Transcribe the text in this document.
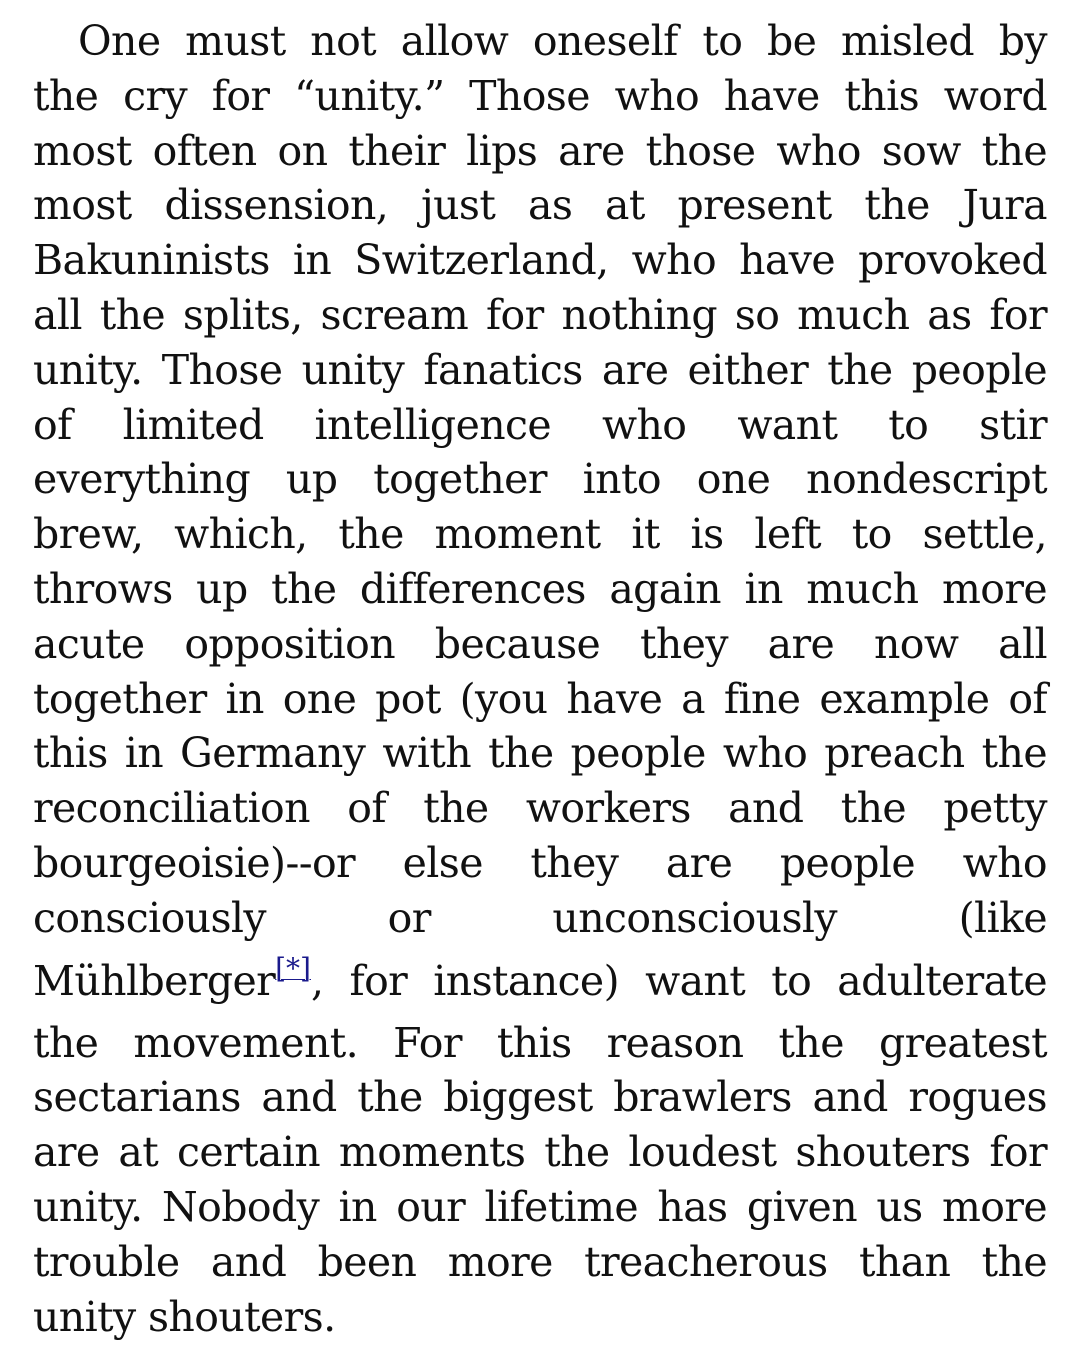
One must not allow oneself to be misled by
the cry for “unity.” Those who have this word
most often on their lips are those who sow the
most dissension, just as at present the Jura
Bakuninists in Switzerland, who have provoked
all the splits, scream for nothing so much as for
unity. Those unity fanatics are either the people
of limited intelligence who want to stir
everything up together into one nondescript
brew, which, the moment it is left to settle,
throws up the differences again in much more
acute opposition because they are now all
together in one pot (you have a fine example of
this in Germany with the people who preach the
reconciliation of the workers and the petty
bourgeoisie)--or else they are people who
consciously or unconsciously (like
Mühlberger[*], for instance) want to adulterate
the movement. For this reason the greatest
sectarians and the biggest brawlers and rogues
are at certain moments the loudest shouters for
unity. Nobody in our lifetime has given us more
trouble and been more treacherous than the
unity shouters.
